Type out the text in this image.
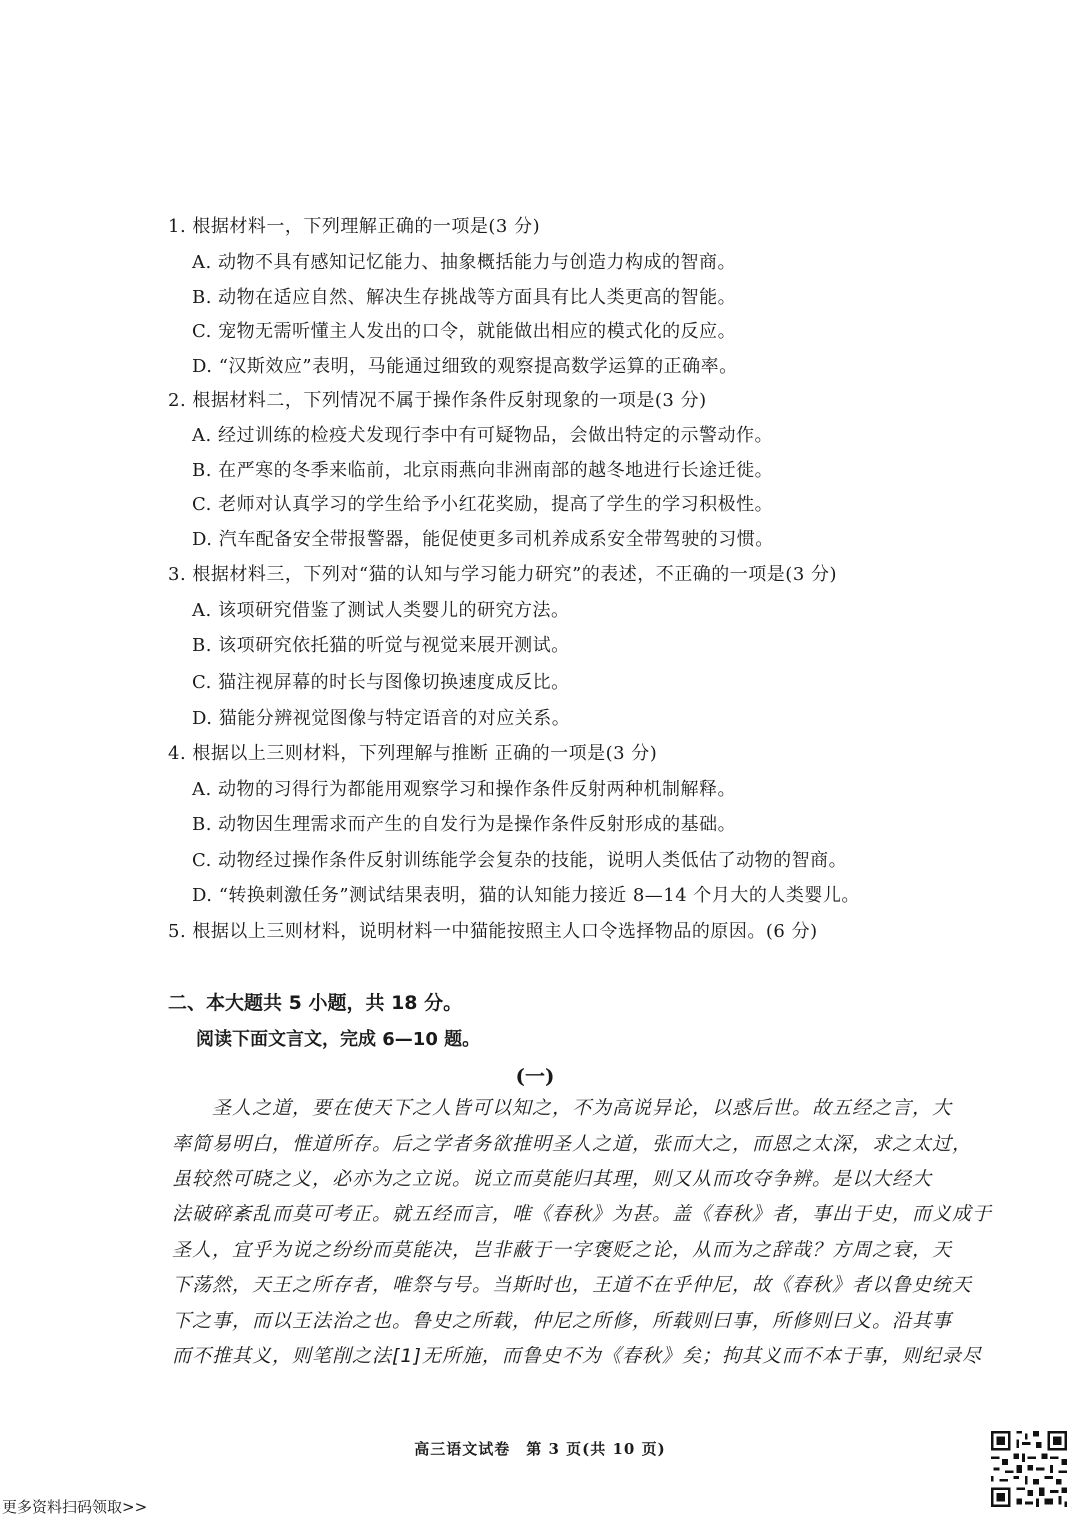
1. 根据材料一，下列理解正确的一项是(3 分)
A. 动物不具有感知记忆能力、抽象概括能力与创造力构成的智商。
B. 动物在适应自然、解决生存挑战等方面具有比人类更高的智能。
C. 宠物无需听懂主人发出的口令，就能做出相应的模式化的反应。
D. “汉斯效应”表明，马能通过细致的观察提高数学运算的正确率。
2. 根据材料二，下列情况不属于操作条件反射现象的一项是(3 分)
A. 经过训练的检疫犬发现行李中有可疑物品，会做出特定的示警动作。
B. 在严寒的冬季来临前，北京雨燕向非洲南部的越冬地进行长途迁徙。
C. 老师对认真学习的学生给予小红花奖励，提高了学生的学习积极性。
D. 汽车配备安全带报警器，能促使更多司机养成系安全带驾驶的习惯。
3. 根据材料三，下列对“猫的认知与学习能力研究”的表述，不正确的一项是(3 分)
A. 该项研究借鉴了测试人类婴儿的研究方法。
B. 该项研究依托猫的听觉与视觉来展开测试。
C. 猫注视屏幕的时长与图像切换速度成反比。
D. 猫能分辨视觉图像与特定语音的对应关系。
4. 根据以上三则材料，下列理解与推断 正确的一项是(3 分)
A. 动物的习得行为都能用观察学习和操作条件反射两种机制解释。
B. 动物因生理需求而产生的自发行为是操作条件反射形成的基础。
C. 动物经过操作条件反射训练能学会复杂的技能，说明人类低估了动物的智商。
D. “转换刺激任务”测试结果表明，猫的认知能力接近 8—14 个月大的人类婴儿。
5. 根据以上三则材料，说明材料一中猫能按照主人口令选择物品的原因。(6 分)
二、本大题共 5 小题，共 18 分。
阅读下面文言文，完成 6—10 题。
(一)
　　圣人之道，要在使天下之人皆可以知之，不为高说异论，以惑后世。故五经之言，大
率简易明白，惟道所存。后之学者务欲推明圣人之道，张而大之，而恩之太深，求之太过，
虽较然可晓之义，必亦为之立说。说立而莫能归其理，则又从而攻夺争辨。是以大经大
法破碎紊乱而莫可考正。就五经而言，唯《春秋》为甚。盖《春秋》者，事出于史，而义成于
圣人，宜乎为说之纷纷而莫能决，岂非蔽于一字褒贬之论，从而为之辞哉？方周之衰，天
下荡然，天王之所存者，唯祭与号。当斯时也，王道不在乎仲尼，故《春秋》者以鲁史统天
下之事，而以王法治之也。鲁史之所载，仲尼之所修，所载则曰事，所修则曰义。沿其事
而不推其义，则笔削之法[1]无所施，而鲁史不为《春秋》矣；拘其义而不本于事，则纪录尽
高三语文试卷　第 3 页(共 10 页)
更多资料扫码领取>>
